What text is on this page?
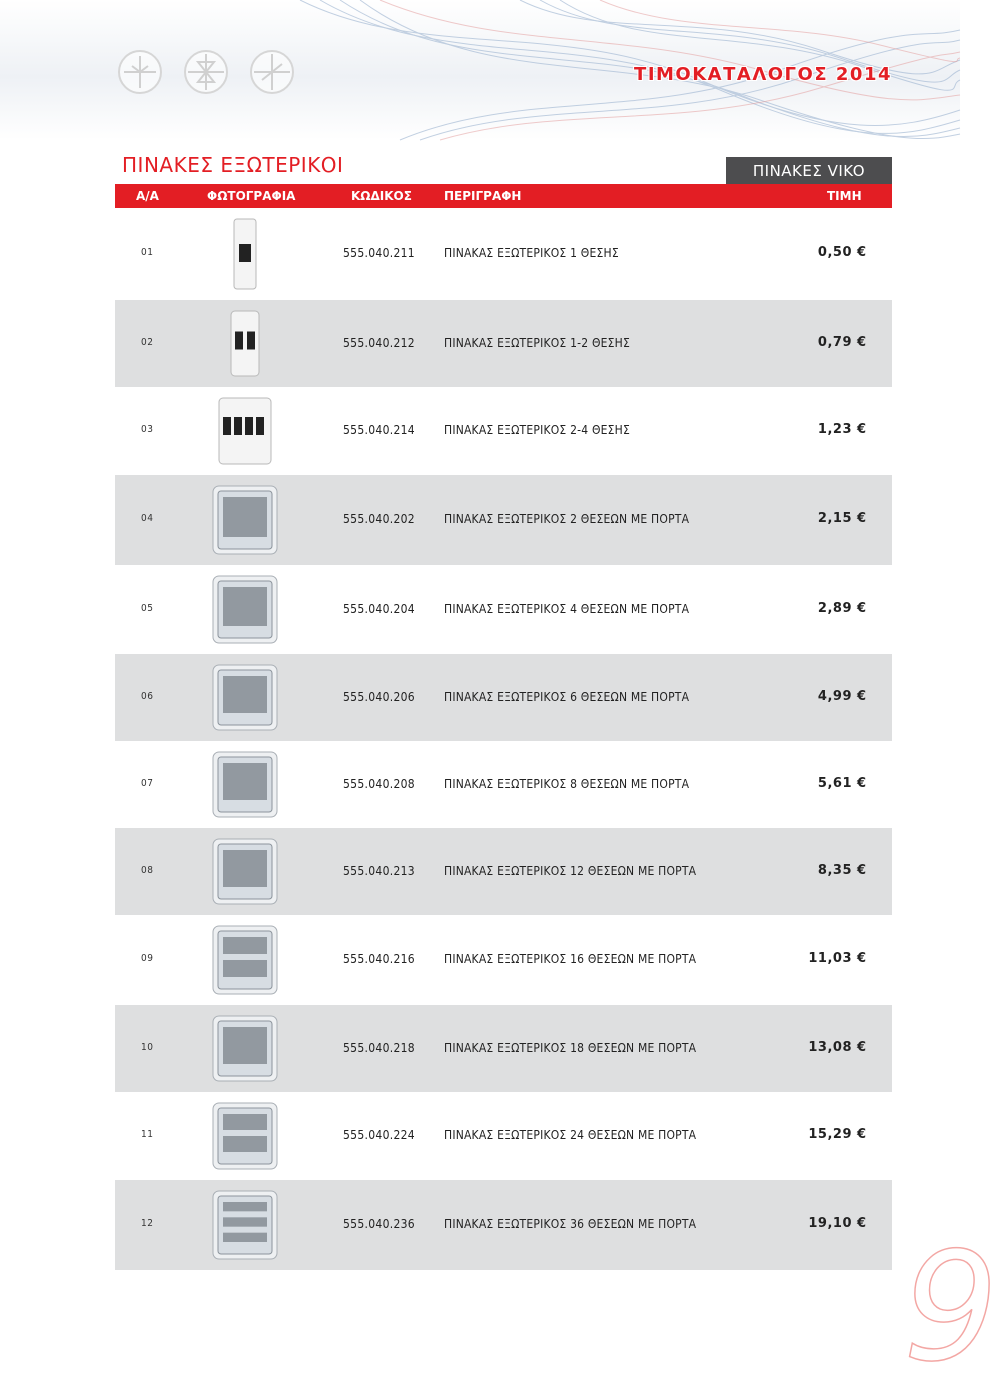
ΤΙΜΟΚΑΤΑΛΟΓΟΣ 2014
ΠΙΝΑΚΕΣ ΕΞΩΤΕΡΙΚΟΙ	ΠΙΝΑΚΕΣ VIKO
Α/Α	ΦΩΤΟΓΡΑΦΙΑ	ΚΩΔΙΚΟΣ	ΠΕΡΙΓΡΑΦΗ	ΤΙΜΗ
01	555.040.211 ΠΙΝΑΚΑΣ ΕΞΩΤΕΡΙΚΟΣ 1 ΘΕΣΗΣ	0,50 €
02	555.040.212 ΠΙΝΑΚΑΣ ΕΞΩΤΕΡΙΚΟΣ 1-2 ΘΕΣΗΣ	0,79 €
03	555.040.214 ΠΙΝΑΚΑΣ ΕΞΩΤΕΡΙΚΟΣ 2-4 ΘΕΣΗΣ	1,23 €
04	555.040.202 ΠΙΝΑΚΑΣ ΕΞΩΤΕΡΙΚΟΣ 2 ΘΕΣΕΩΝ ΜΕ ΠΟΡΤΑ	2,15 €
05	555.040.204 ΠΙΝΑΚΑΣ ΕΞΩΤΕΡΙΚΟΣ 4 ΘΕΣΕΩΝ ΜΕ ΠΟΡΤΑ	2,89 €
06	555.040.206 ΠΙΝΑΚΑΣ ΕΞΩΤΕΡΙΚΟΣ 6 ΘΕΣΕΩΝ ΜΕ ΠΟΡΤΑ	4,99 €
07	555.040.208 ΠΙΝΑΚΑΣ ΕΞΩΤΕΡΙΚΟΣ 8 ΘΕΣΕΩΝ ΜΕ ΠΟΡΤΑ	5,61 €
08	555.040.213 ΠΙΝΑΚΑΣ ΕΞΩΤΕΡΙΚΟΣ 12 ΘΕΣΕΩΝ ΜΕ ΠΟΡΤΑ	8,35 €
09	555.040.216 ΠΙΝΑΚΑΣ ΕΞΩΤΕΡΙΚΟΣ 16 ΘΕΣΕΩΝ ΜΕ ΠΟΡΤΑ	11,03 €
10	555.040.218 ΠΙΝΑΚΑΣ ΕΞΩΤΕΡΙΚΟΣ 18 ΘΕΣΕΩΝ ΜΕ ΠΟΡΤΑ	13,08 €
11	555.040.224 ΠΙΝΑΚΑΣ ΕΞΩΤΕΡΙΚΟΣ 24 ΘΕΣΕΩΝ ΜΕ ΠΟΡΤΑ	15,29 €
12	555.040.236 ΠΙΝΑΚΑΣ ΕΞΩΤΕΡΙΚΟΣ 36 ΘΕΣΕΩΝ ΜΕ ΠΟΡΤΑ	19,10 € 9
